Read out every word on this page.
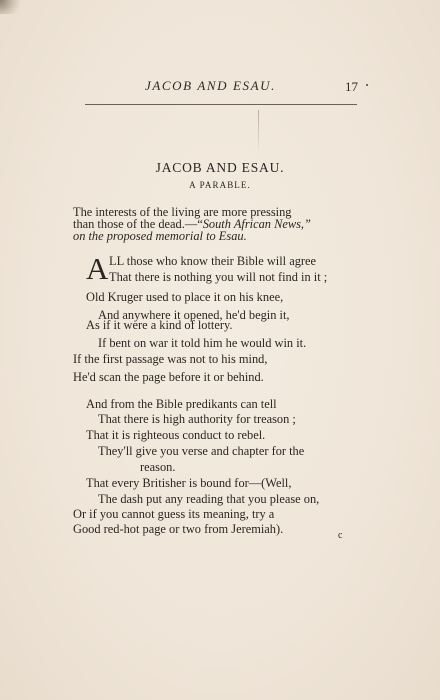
JACOB AND ESAU.	17
JACOB AND ESAU.
A PARABLE.
The interests of the living are more pressing
than those of the dead.—“South African News,”
on the proposed memorial to Esau.
A LL those who know their Bible will agree
That there is nothing you will not find in it ;
Old Kruger used to place it on his knee,
And anywhere it opened, he'd begin it,
As if it were a kind of lottery.
If bent on war it told him he would win it.
If the first passage was not to his mind,
He'd scan the page before it or behind.
And from the Bible predikants can tell
That there is high authority for treason ;
That it is righteous conduct to rebel.
They'll give you verse and chapter for the
reason.
That every Britisher is bound for—(Well,
The dash put any reading that you please on,
Or if you cannot guess its meaning, try a
Good red-hot page or two from Jeremiah).	c
